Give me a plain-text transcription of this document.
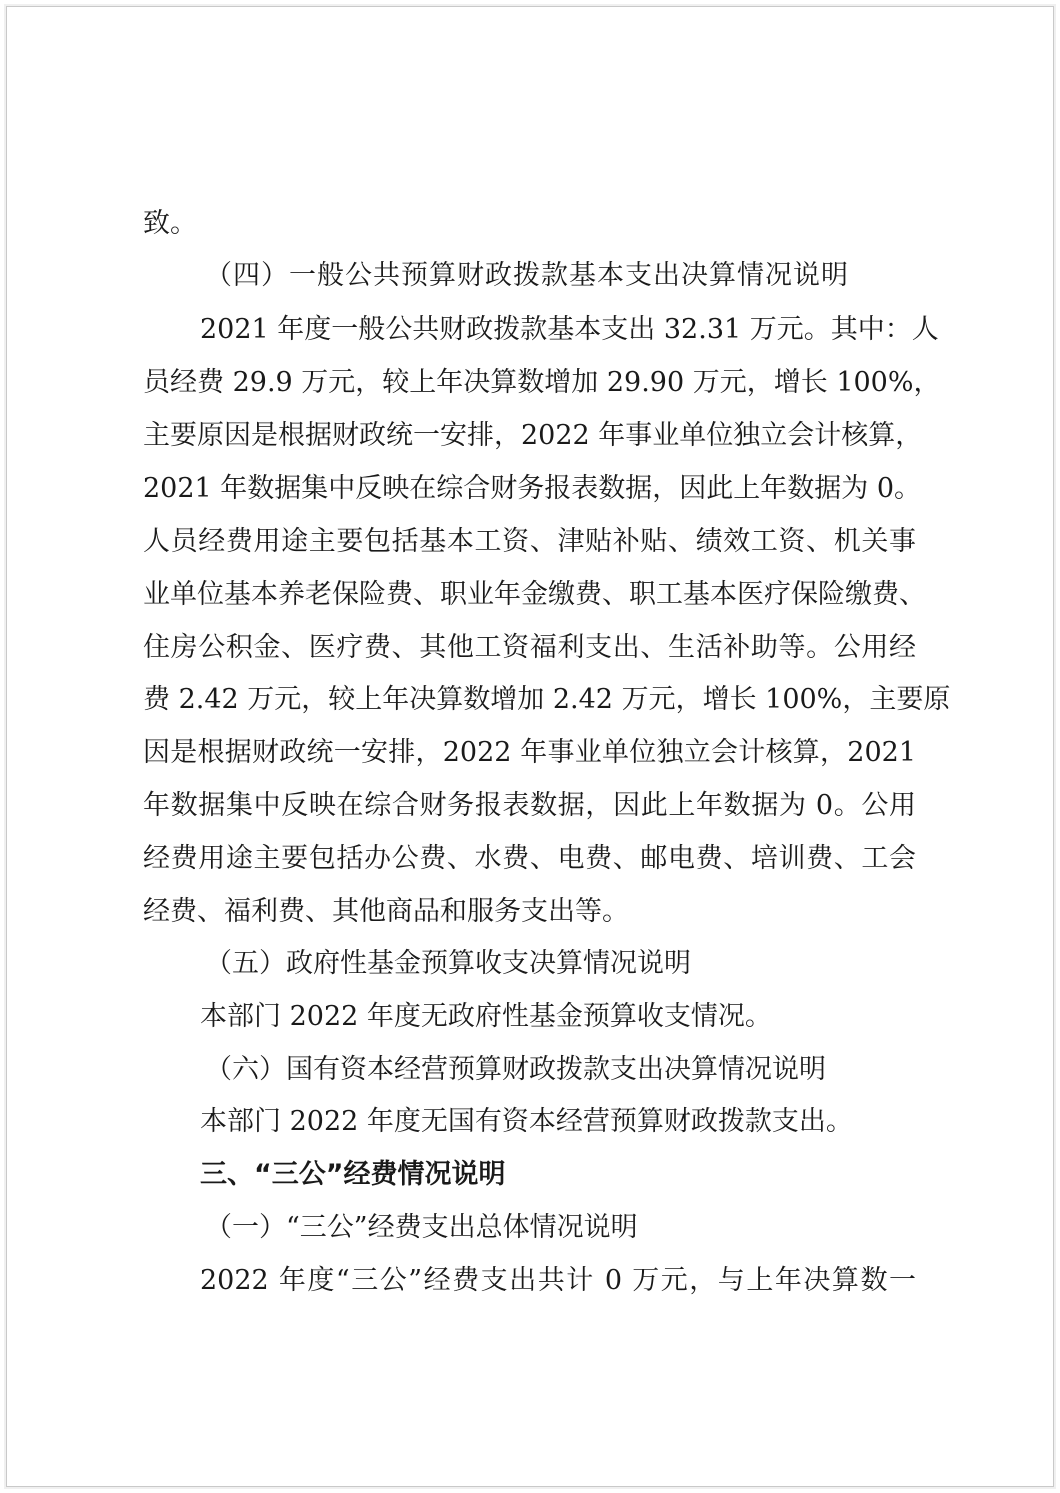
致。

（四）一般公共预算财政拨款基本支出决算情况说明

2021 年度一般公共财政拨款基本支出 32.31 万元。其中：人

员经费 29.9 万元，较上年决算数增加 29.90 万元，增长 100%，

主要原因是根据财政统一安排，2022 年事业单位独立会计核算，

2021 年数据集中反映在综合财务报表数据，因此上年数据为 0。

人员经费用途主要包括基本工资、津贴补贴、绩效工资、机关事

业单位基本养老保险费、职业年金缴费、职工基本医疗保险缴费、

住房公积金、医疗费、其他工资福利支出、生活补助等。公用经

费 2.42 万元，较上年决算数增加 2.42 万元，增长 100%，主要原

因是根据财政统一安排，2022 年事业单位独立会计核算，2021

年数据集中反映在综合财务报表数据，因此上年数据为 0。公用

经费用途主要包括办公费、水费、电费、邮电费、培训费、工会

经费、福利费、其他商品和服务支出等。

（五）政府性基金预算收支决算情况说明

本部门 2022 年度无政府性基金预算收支情况。

（六）国有资本经营预算财政拨款支出决算情况说明

本部门 2022 年度无国有资本经营预算财政拨款支出。

三、“三公”经费情况说明

（一）“三公”经费支出总体情况说明

2022 年度“三公”经费支出共计 0 万元，与上年决算数一
